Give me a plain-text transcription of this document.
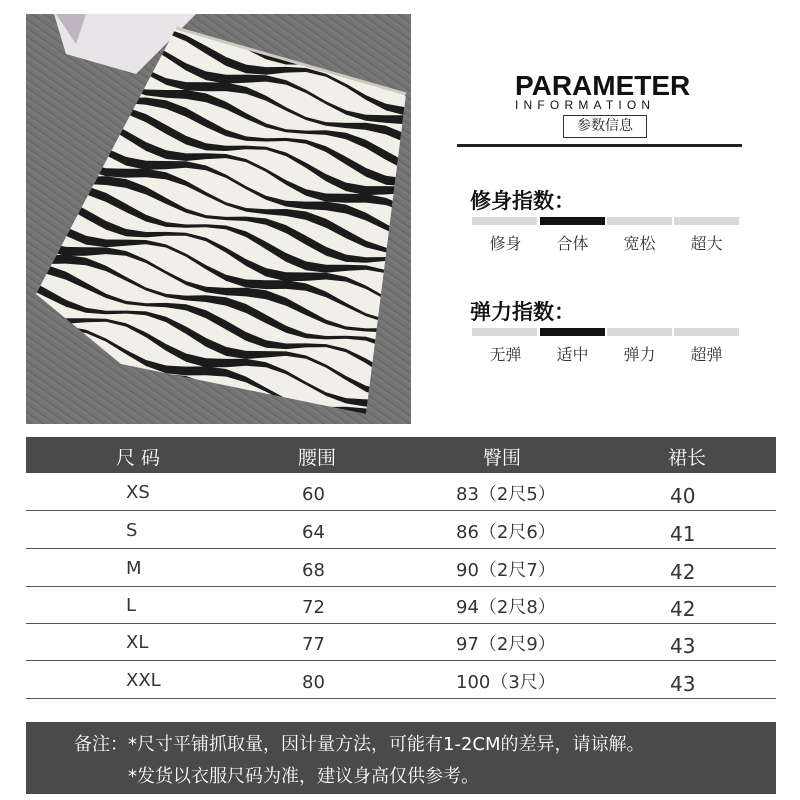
PARAMETER
INFORMATION
参数信息
修身指数：
修身	合体	宽松	超大
弹力指数：
无弹	适中	弹力	超弹
尺 码	腰围	臀围	裙长
XS	60	83（2尺5）	40
S	64	86（2尺6）	41
M	68	90（2尺7）	42
L	72	94（2尺8）	42
XL	77	97（2尺9）	43
XXL	80	100（3尺）	43
备注：*尺寸平铺抓取量，因计量方法，可能有1-2CM的差异，请谅解。
*发货以衣服尺码为准，建议身高仅供参考。
